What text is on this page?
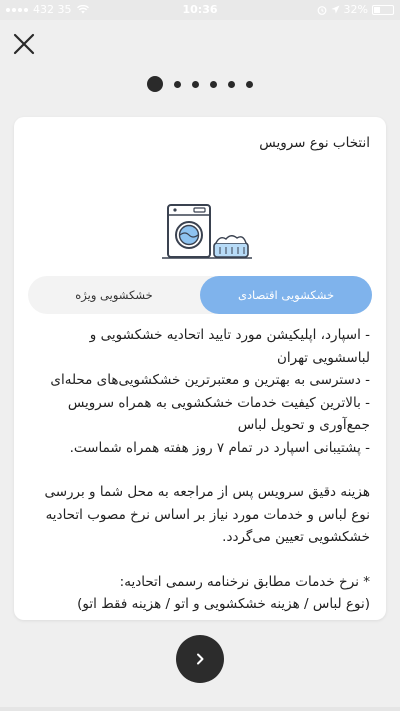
432 35	10:36	32%
انتخاب نوع سرویس
خشکشویی ویژه	خشکشویی اقتصادی

- اسپارد، اپلیکیشن مورد تایید اتحادیه خشکشویی و

لباسشویی تهران

- دسترسی به بهترین و معتبرترین خشکشویی‌های محله‌ای

- بالاترین کیفیت خدمات خشکشویی به همراه سرویس

جمع‌آوری و تحویل لباس

- پشتیبانی اسپارد در تمام ۷ روز هفته همراه شماست.

هزینه دقیق سرویس پس از مراجعه به محل شما و بررسی

نوع لباس و خدمات مورد نیاز بر اساس نرخ مصوب اتحادیه

خشکشویی تعیین می‌گردد.

* نرخ خدمات مطابق نرخنامه رسمی اتحادیه:

(نوع لباس / هزینه خشکشویی و اتو / هزینه فقط اتو)
